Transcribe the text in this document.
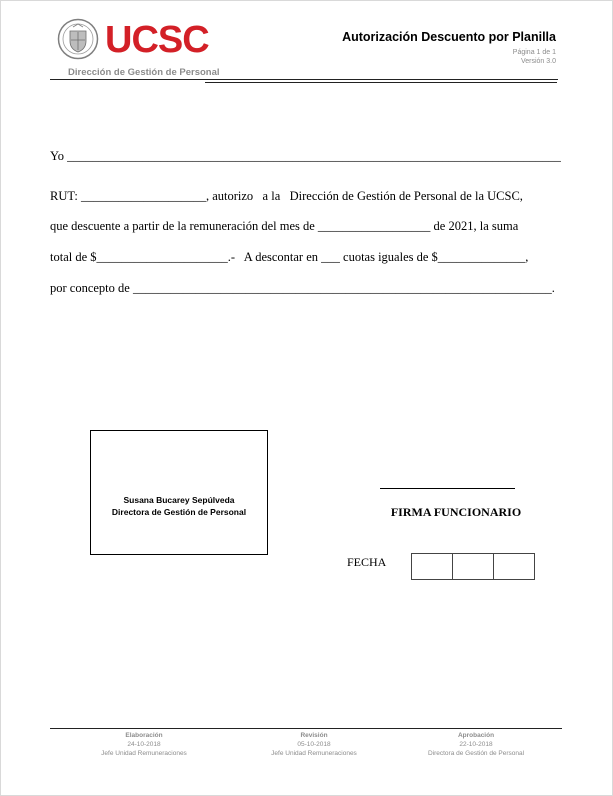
UCSC
Dirección de Gestión de Personal
Autorización Descuento por Planilla
Página 1 de 1
Versión 3.0
Yo _______________________________________________________________________________
RUT: ____________________, autorizo   a la   Dirección de Gestión de Personal de la UCSC,
que descuente a partir de la remuneración del mes de __________________ de 2021, la suma
total de $_____________________.-   A descontar en ___ cuotas iguales de $______________,
por concepto de ___________________________________________________________________.
Susana Bucarey Sepúlveda
Directora de Gestión de Personal	FIRMA FUNCIONARIO
FECHA
Elaboración
24-10-2018
Jefe Unidad Remuneraciones
Revisión
05-10-2018
Jefe Unidad Remuneraciones
Aprobación
22-10-2018
Directora de Gestión de Personal
